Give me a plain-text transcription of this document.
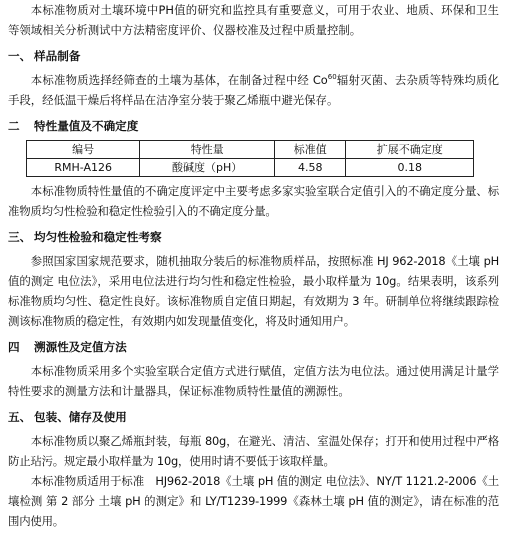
本标准物质对土壤环境中PH值的研究和监控具有重要意义，可用于农业、地质、环保和卫生等领域相关分析测试中方法精密度评价、仪器校准及过程中质量控制。

一、 样品制备

本标准物质选择经筛查的土壤为基体，在制备过程中经 Co$^{60}$辐射灭菌、去杂质等特殊均质化手段，经低温干燥后将样品在洁净室分装于聚乙烯瓶中避光保存。

二 特性量值及不确定度
编号	特性量	标准值	扩展不确定度
RMH-A126	酸碱度（pH）	4.58	0.18

本标准物质特性量值的不确定度评定中主要考虑多家实验室联合定值引入的不确定度分量、标准物质均匀性检验和稳定性检验引入的不确定度分量。

三、 均匀性检验和稳定性考察

参照国家国家规范要求，随机抽取分装后的标准物质样品，按照标准 HJ 962-2018《土壤 pH 值的测定 电位法》，采用电位法进行均匀性和稳定性检验，最小取样量为 10g。结果表明，该系列标准物质均匀性、稳定性良好。该标准物质自定值日期起，有效期为 3 年。研制单位将继续跟踪检测该标准物质的稳定性，有效期内如发现量值变化，将及时通知用户。

四 溯源性及定值方法

本标准物质采用多个实验室联合定值方式进行赋值，定值方法为电位法。通过使用满足计量学特性要求的测量方法和计量器具，保证标准物质特性量值的溯源性。

五、 包装、储存及使用

本标准物质以聚乙烯瓶封装，每瓶 80g，在避光、清洁、室温处保存；打开和使用过程中严格防止玷污。规定最小取样量为 10g，使用时请不要低于该取样量。

本标准物质适用于标准　HJ962-2018《土壤 pH 值的测定 电位法》、NY/T 1121.2-2006《土壤检测 第 2 部分 土壤 pH 的测定》和 LY/T1239-1999《森林土壤 pH 值的测定》，请在标准的范围内使用。
